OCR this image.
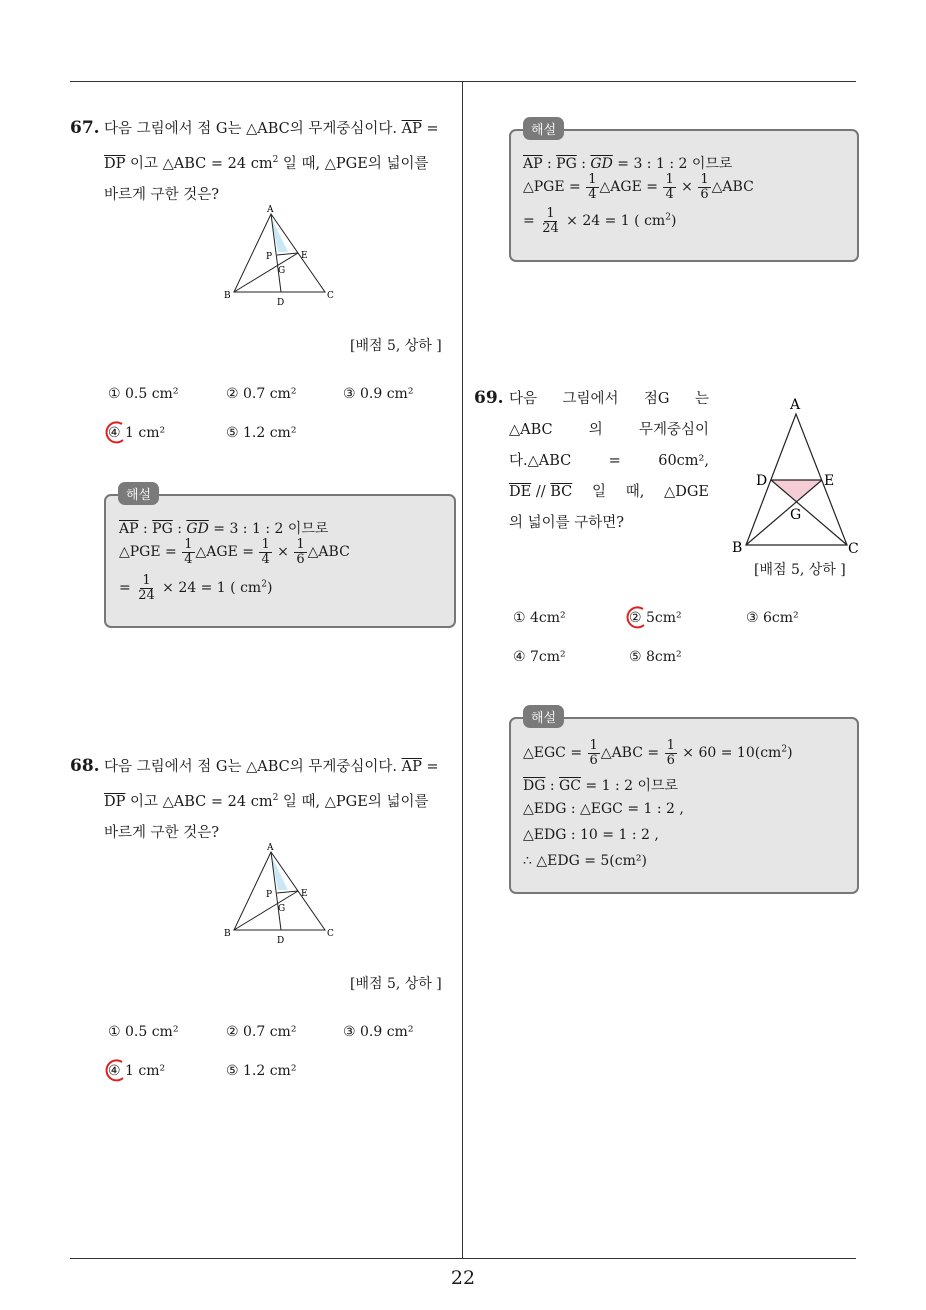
22
67. 다음 그림에서 점 G는 △ABC의 무게중심이다. $\overline{AP}$ =
$\overline{DP}$ 이고 △ABC = 24 $cm^2$ 일 때, △PGE의 넓이를
바르게 구한 것은?
A
B	C
D
E
P
G
[배점 5, 상하 ]
① 0.5 cm²	② 0.7 cm²	③ 0.9 cm²
④ 1 cm²	⑤ 1.2 cm²
해설
$\overline{AP}$ : $\overline{PG}$ : $\overline{GD} = 3$ : 1 : 2 이므로
△PGE = $\frac{1}{4}$ △AGE = $\frac{1}{4} \times \frac{1}{6}$ △ABC
= $\frac{1}{24} \times 24 = 1$ ( $cm^2$)
68. 다음 그림에서 점 G는 △ABC의 무게중심이다. $\overline{AP}$ =
$\overline{DP}$ 이고 △ABC = 24 $cm^2$ 일 때, △PGE의 넓이를
바르게 구한 것은?
A
B	C
D
E
P
G
[배점 5, 상하 ]
① 0.5 cm²	② 0.7 cm²	③ 0.9 cm²
④ 1 cm²	⑤ 1.2 cm²
해설
$\overline{AP}$ : $\overline{PG}$ : $\overline{GD} = 3$ : 1 : 2 이므로
△PGE = $\frac{1}{4}$ △AGE = $\frac{1}{4} \times \frac{1}{6}$ △ABC
= $\frac{1}{24} \times 24 = 1$ ( $cm^2$)
69. 다음 그림에서 점G 는
△ABC 의 무게중심이
다.△ABC	=	60cm²,
$\overline{DE} // \overline{BC}$ 일 때, △DGE
의 넓이를 구하면?
A
B	C
D	E
G
[배점 5, 상하 ]
① 4cm²	② 5cm²	③ 6cm²
④ 7cm²	⑤ 8cm²
해설
△EGC = $\frac{1}{6}$ △ABC = $\frac{1}{6} \times 60 = 10(cm^2)$
$\overline{DG}$ : $\overline{GC} = 1$ : 2 이므로
△EDG : △EGC = 1 : 2 ,
△EDG : 10 = 1 : 2 ,
∴ △EDG = 5(cm²)
